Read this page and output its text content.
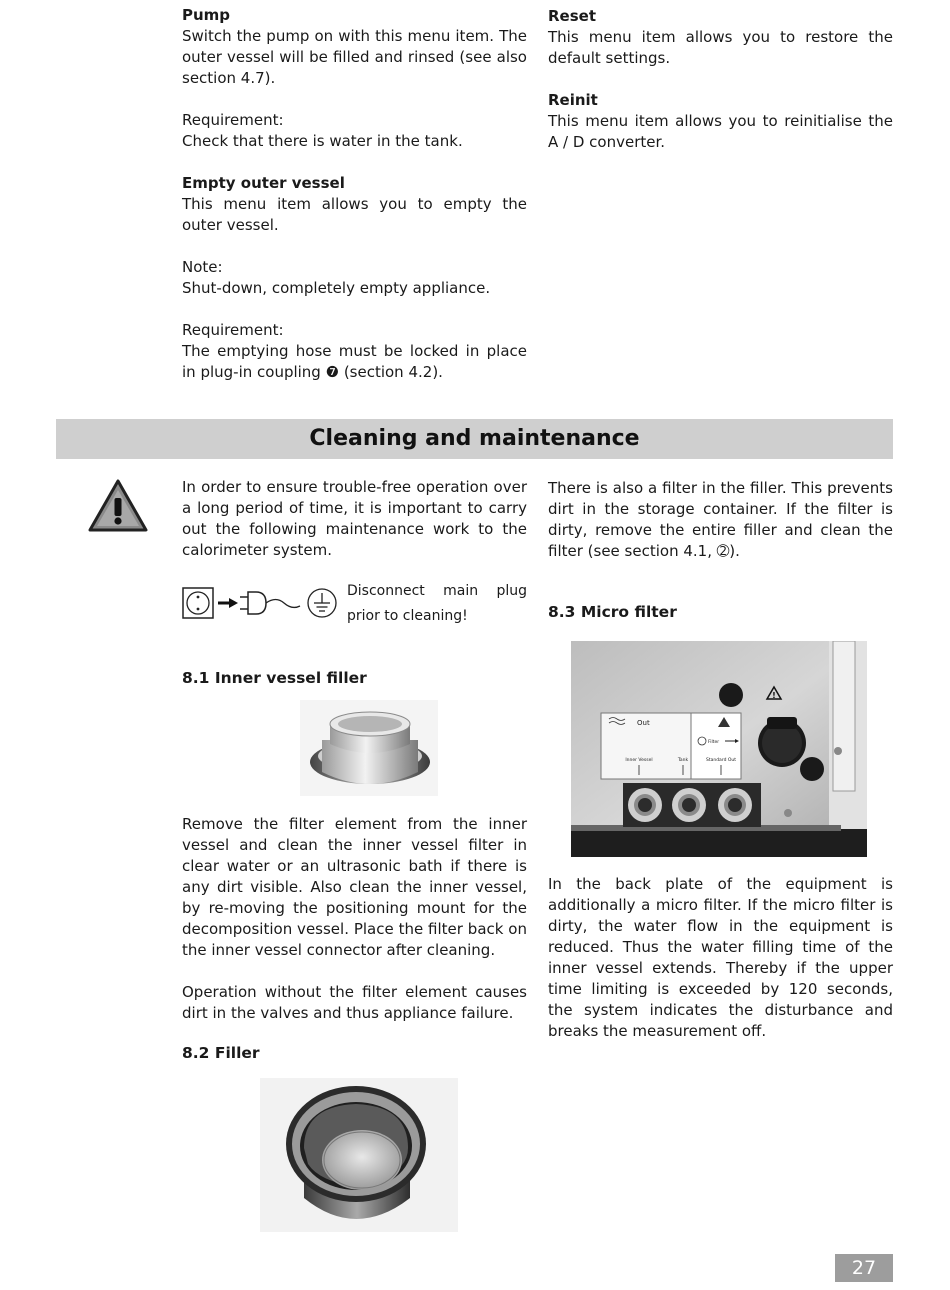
Pump
Switch the pump on with this menu item. The outer vessel will be filled and rinsed (see also section 4.7).
Requirement:
Check that there is water in the tank.
Empty outer vessel
This menu item allows you to empty the outer vessel.
Note:
Shut-down, completely empty appliance.
Requirement:
The emptying hose must be locked in place in plug-in coupling ❼ (section 4.2).
Reset
This menu item allows you to restore the default settings.
Reinit
This menu item allows you to reinitialise the A / D converter.
Cleaning and maintenance
In order to ensure trouble-free operation over a long period of time, it is important to carry out the following maintenance work to the calorimeter system.
Disconnect main plug prior to cleaning!
8.1 Inner vessel filler
Remove the filter element from the inner vessel and clean the inner vessel filter in clear water or an ultrasonic bath if there is any dirt visible. Also clean the inner vessel, by re-moving the positioning mount for the decomposition vessel. Place the filter back on the inner vessel connector after cleaning.
Operation without the filter element causes dirt in the valves and thus appliance failure.
8.2 Filler
There is also a filter in the filler. This prevents dirt in the storage container. If the filter is dirty, remove the entire filler and clean the filter (see section 4.1, ➁).
8.3 Micro filter
!
Out
Filter
Inner Vessel	Tank	Standard Out
In the back plate of the equipment is additionally a micro filter. If the micro filter is dirty, the water flow in the equipment is reduced. Thus the water filling time of the inner vessel extends. Thereby if the upper time limiting is exceeded by 120 seconds, the system indicates the disturbance and breaks the measurement off.
27
